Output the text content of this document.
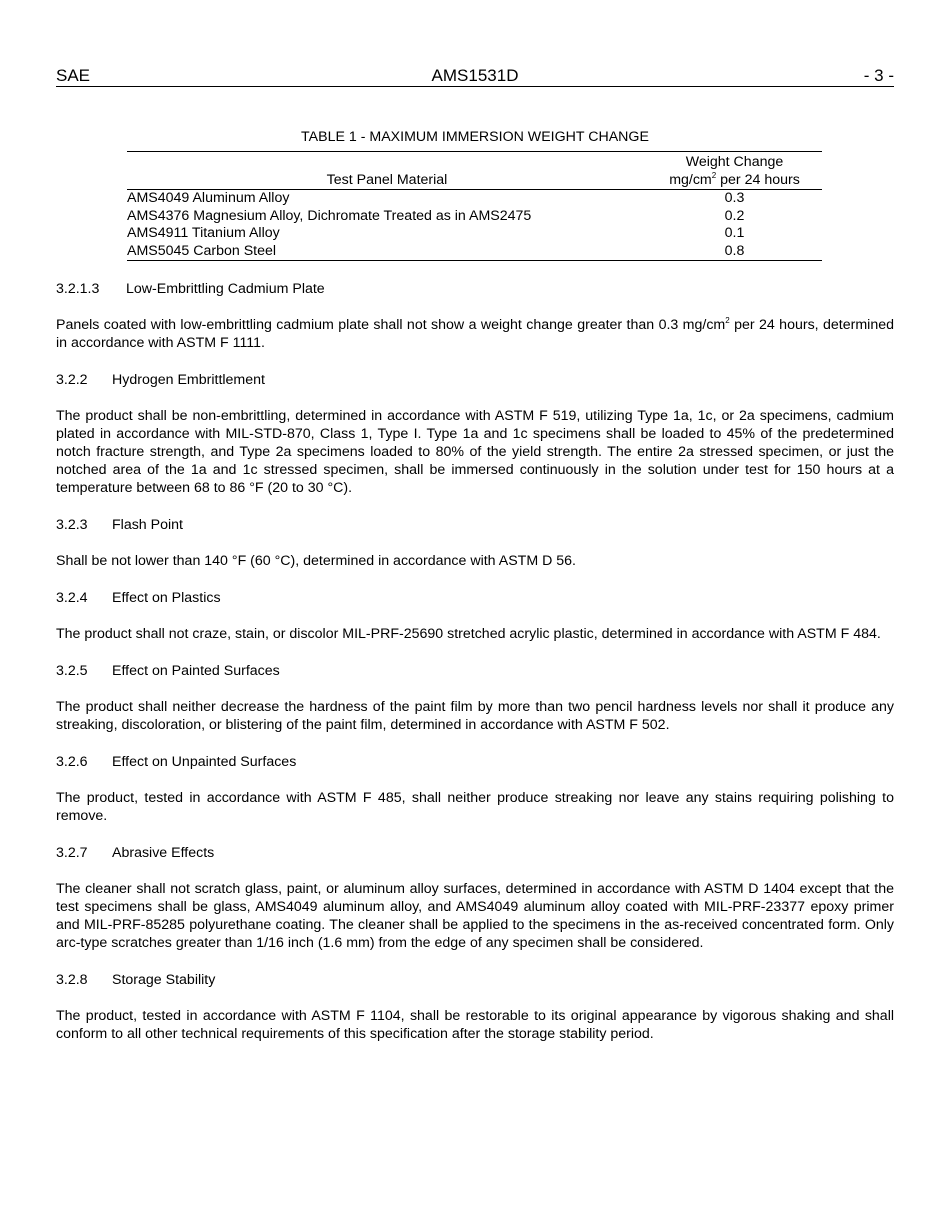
AMS1531D
SAE	- 3 -
TABLE 1 - MAXIMUM IMMERSION WEIGHT CHANGE
Test Panel Material	Weight Change
$mg/cm^2$ per 24 hours

AMS4049 Aluminum Alloy	0.3
AMS4376 Magnesium Alloy, Dichromate Treated as in AMS2475	0.2
AMS4911 Titanium Alloy	0.1
AMS5045 Carbon Steel	0.8

3.2.1.3 Low-Embrittling Cadmium Plate

Panels coated with low-embrittling cadmium plate shall not show a weight change greater than 0.3 $mg/cm^2$ per 24 hours, determined in accordance with ASTM F 1111.

3.2.2 Hydrogen Embrittlement

The product shall be non-embrittling, determined in accordance with ASTM F 519, utilizing Type 1a, 1c, or 2a specimens, cadmium plated in accordance with MIL-STD-870, Class 1, Type I. Type 1a and 1c specimens shall be loaded to 45% of the predetermined notch fracture strength, and Type 2a specimens loaded to 80% of the yield strength. The entire 2a stressed specimen, or just the notched area of the 1a and 1c stressed specimen, shall be immersed continuously in the solution under test for 150 hours at a temperature between 68 to 86 °F (20 to 30 °C).

3.2.3 Flash Point

Shall be not lower than 140 °F (60 °C), determined in accordance with ASTM D 56.

3.2.4 Effect on Plastics

The product shall not craze, stain, or discolor MIL-PRF-25690 stretched acrylic plastic, determined in accordance with ASTM F 484.

3.2.5 Effect on Painted Surfaces

The product shall neither decrease the hardness of the paint film by more than two pencil hardness levels nor shall it produce any streaking, discoloration, or blistering of the paint film, determined in accordance with ASTM F 502.

3.2.6 Effect on Unpainted Surfaces

The product, tested in accordance with ASTM F 485, shall neither produce streaking nor leave any stains requiring polishing to remove.

3.2.7 Abrasive Effects

The cleaner shall not scratch glass, paint, or aluminum alloy surfaces, determined in accordance with ASTM D 1404 except that the test specimens shall be glass, AMS4049 aluminum alloy, and AMS4049 aluminum alloy coated with MIL-PRF-23377 epoxy primer and MIL-PRF-85285 polyurethane coating. The cleaner shall be applied to the specimens in the as-received concentrated form. Only arc-type scratches greater than 1/16 inch (1.6 mm) from the edge of any specimen shall be considered.

3.2.8 Storage Stability

The product, tested in accordance with ASTM F 1104, shall be restorable to its original appearance by vigorous shaking and shall conform to all other technical requirements of this specification after the storage stability period.
